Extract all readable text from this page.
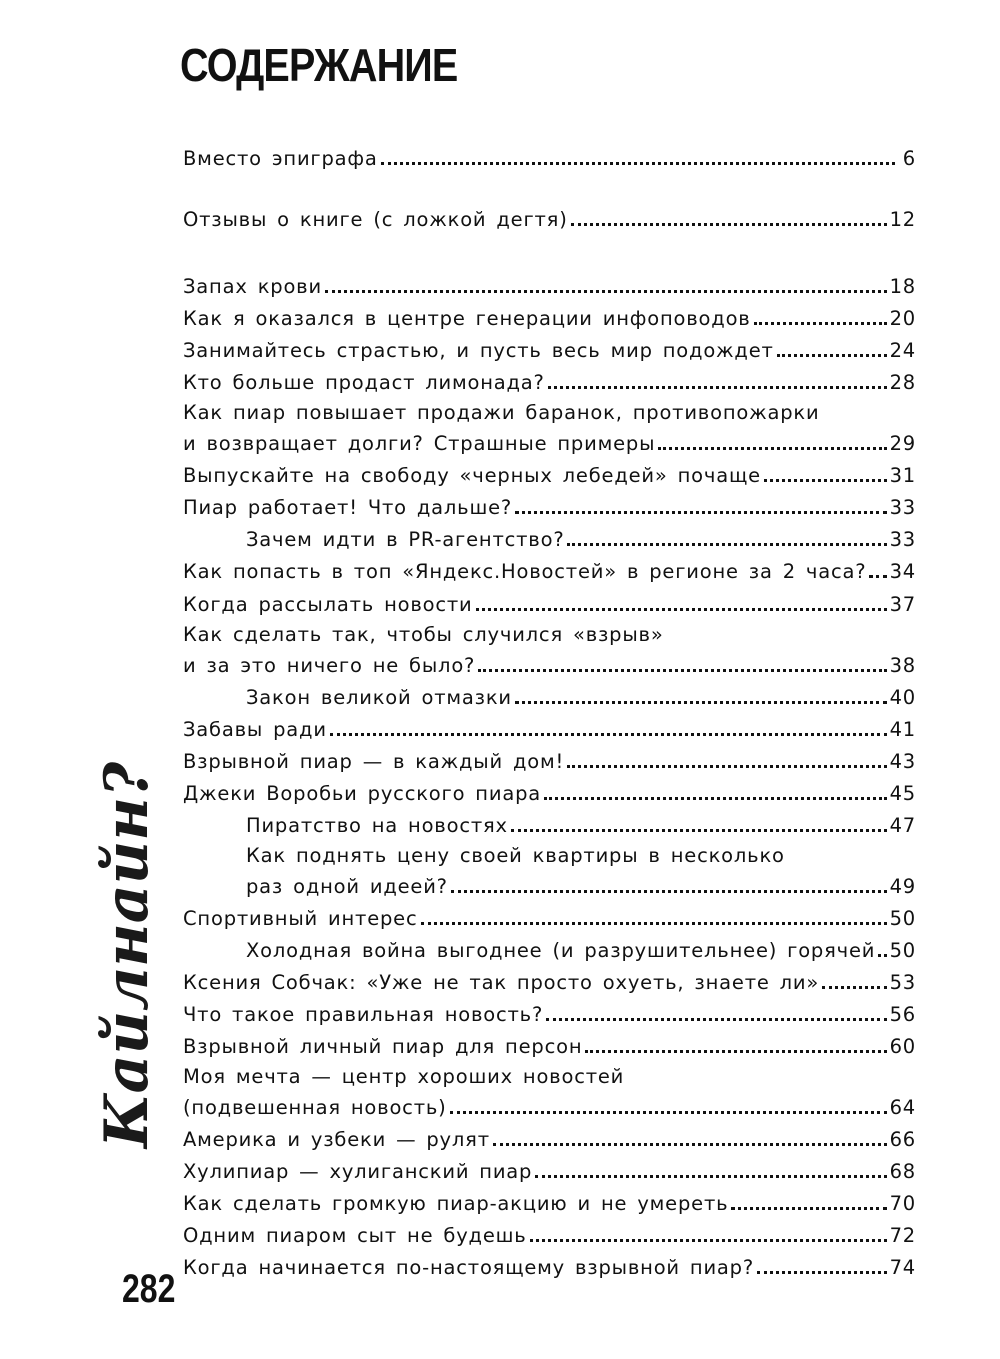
СОДЕРЖАНИЕ
Вместо эпиграфа	6
Отзывы о книге (с ложкой дегтя)	12
Запах крови	18
Как я оказался в центре генерации инфоповодов	20
Занимайтесь страстью, и пусть весь мир подождет	24
Кто больше продаст лимонада?	28
Как пиар повышает продажи баранок, противопожарки
и возвращает долги? Страшные примеры	29
Выпускайте на свободу «черных лебедей» почаще	31
Пиар работает! Что дальше?	33
Зачем идти в PR-агентство?	33
Как попасть в топ «Яндекс.Новостей» в регионе за 2 часа? 34
Когда рассылать новости	37
Как сделать так, чтобы случился «взрыв»
и за это ничего не было?	38
Закон великой отмазки	40
Забавы ради	41
Взрывной пиар — в каждый дом!	43
Джеки Воробьи русского пиара	45
Пиратство на новостях	47
Как поднять цену своей квартиры в несколько
раз одной идеей?	49
Спортивный интерес	50
Холодная война выгоднее (и разрушительнее) горячей 50
Ксения Собчак: «Уже не так просто охуеть, знаете ли»	53
Что такое правильная новость?	56
Взрывной личный пиар для персон	60
Моя мечта — центр хороших новостей
(подвешенная новость)	64
Америка и узбеки — рулят	66
Хулипиар — хулиганский пиар	68
Как сделать громкую пиар-акцию и не умереть	70
Одним пиаром сыт не будешь	72
Когда начинается по-настоящему взрывной пиар?	74
Кайлнайн?
282
